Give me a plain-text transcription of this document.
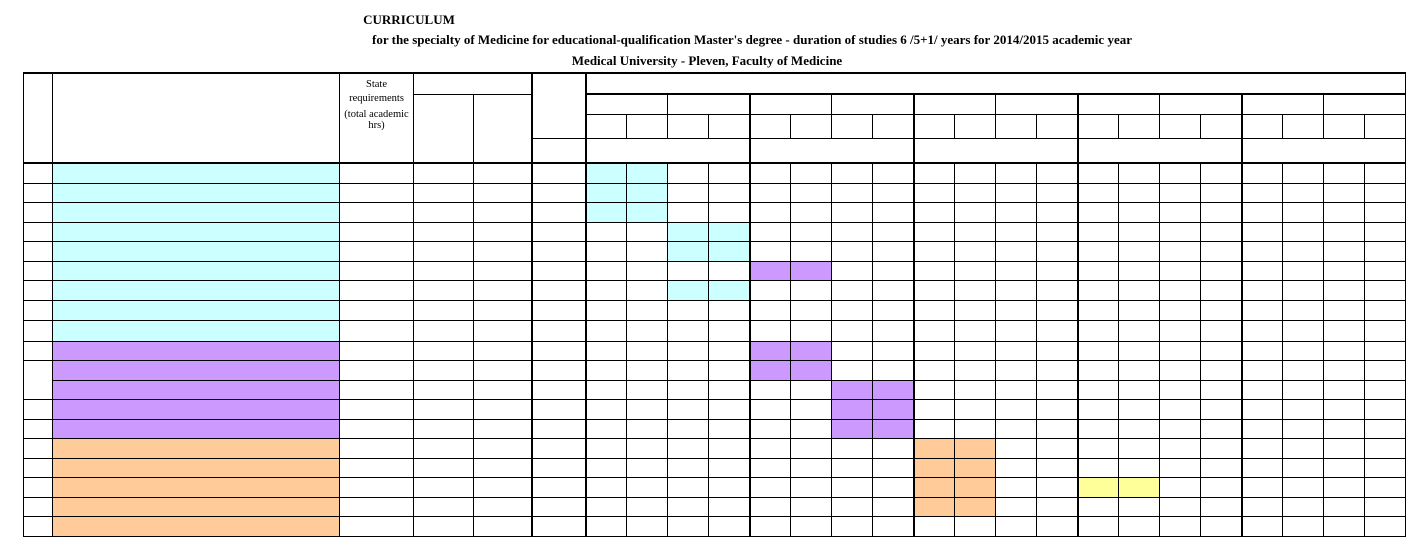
CURRICULUM
for the specialty of Medicine for educational-qualification Master's degree - duration of studies 6 /5+1/ years for 2014/2015 academic year
Medical University - Pleven, Faculty of Medicine

		State
requirements
(total academic hrs)																							
